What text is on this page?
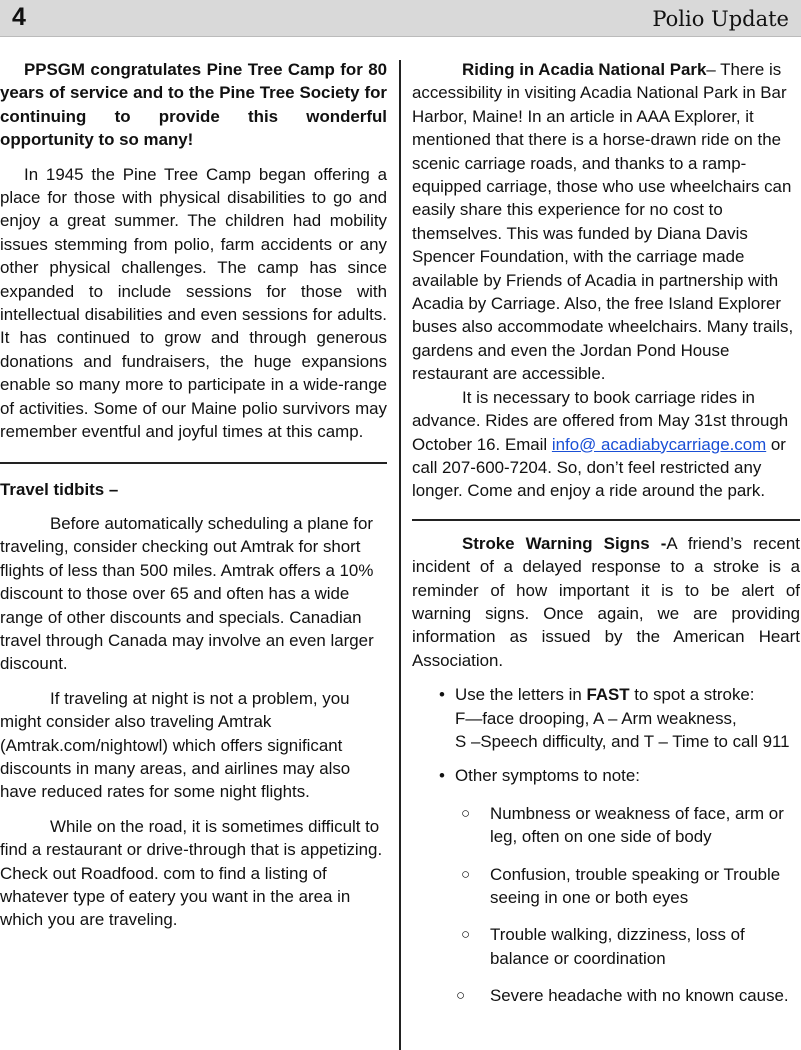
4	Polio Update

PPSGM congratulates Pine Tree Camp for 80 years of service and to the Pine Tree Society for continuing to provide this wonderful opportunity to so many!

In 1945 the Pine Tree Camp began offering a place for those with physical disabilities to go and enjoy a great summer. The children had mobility issues stemming from polio, farm accidents or any other physical challenges. The camp has since expanded to include sessions for those with intellectual disabilities and even sessions for adults. It has continued to grow and through generous donations and fundraisers, the huge expansions enable so many more to participate in a wide-range of activities. Some of our Maine polio survivors may remember eventful and joyful times at this camp.

Travel tidbits –

Before automatically scheduling a plane for traveling, consider checking out Amtrak for short flights of less than 500 miles. Amtrak offers a 10% discount to those over 65 and often has a wide range of other discounts and specials. Canadian travel through Canada may involve an even larger discount.

If traveling at night is not a problem, you might consider also traveling Amtrak (Amtrak.com/nightowl) which offers significant discounts in many areas, and airlines may also have reduced rates for some night flights.

While on the road, it is sometimes difficult to find a restaurant or drive-through that is appetizing. Check out Roadfood. com to find a listing of whatever type of eatery you want in the area in which you are traveling.

Riding in Acadia National Park– There is accessibility in visiting Acadia National Park in Bar Harbor, Maine! In an article in AAA Explorer, it mentioned that there is a horse-drawn ride on the scenic carriage roads, and thanks to a ramp-equipped carriage, those who use wheelchairs can easily share this experience for no cost to themselves. This was funded by Diana Davis Spencer Foundation, with the carriage made available by Friends of Acadia in partnership with Acadia by Carriage. Also, the free Island Explorer buses also accommodate wheelchairs. Many trails, gardens and even the Jordan Pond House restaurant are accessible.

It is necessary to book carriage rides in advance. Rides are offered from May 31st through October 16. Email info@ acadiabycarriage.com or call 207-600-7204. So, don’t feel restricted any longer. Come and enjoy a ride around the park.

Stroke Warning Signs -A friend’s recent incident of a delayed response to a stroke is a reminder of how important it is to be alert of warning signs. Once again, we are providing information as issued by the American Heart Association.

• Use the letters in FAST to spot a stroke:
F—face drooping, A – Arm weakness,
S –Speech difficulty, and T – Time to call 911
• Other symptoms to note:
○ Numbness or weakness of face, arm or leg, often on one side of body
○ Confusion, trouble speaking or Trouble seeing in one or both eyes
○ Trouble walking, dizziness, loss of balance or coordination
○ Severe headache with no known cause.
